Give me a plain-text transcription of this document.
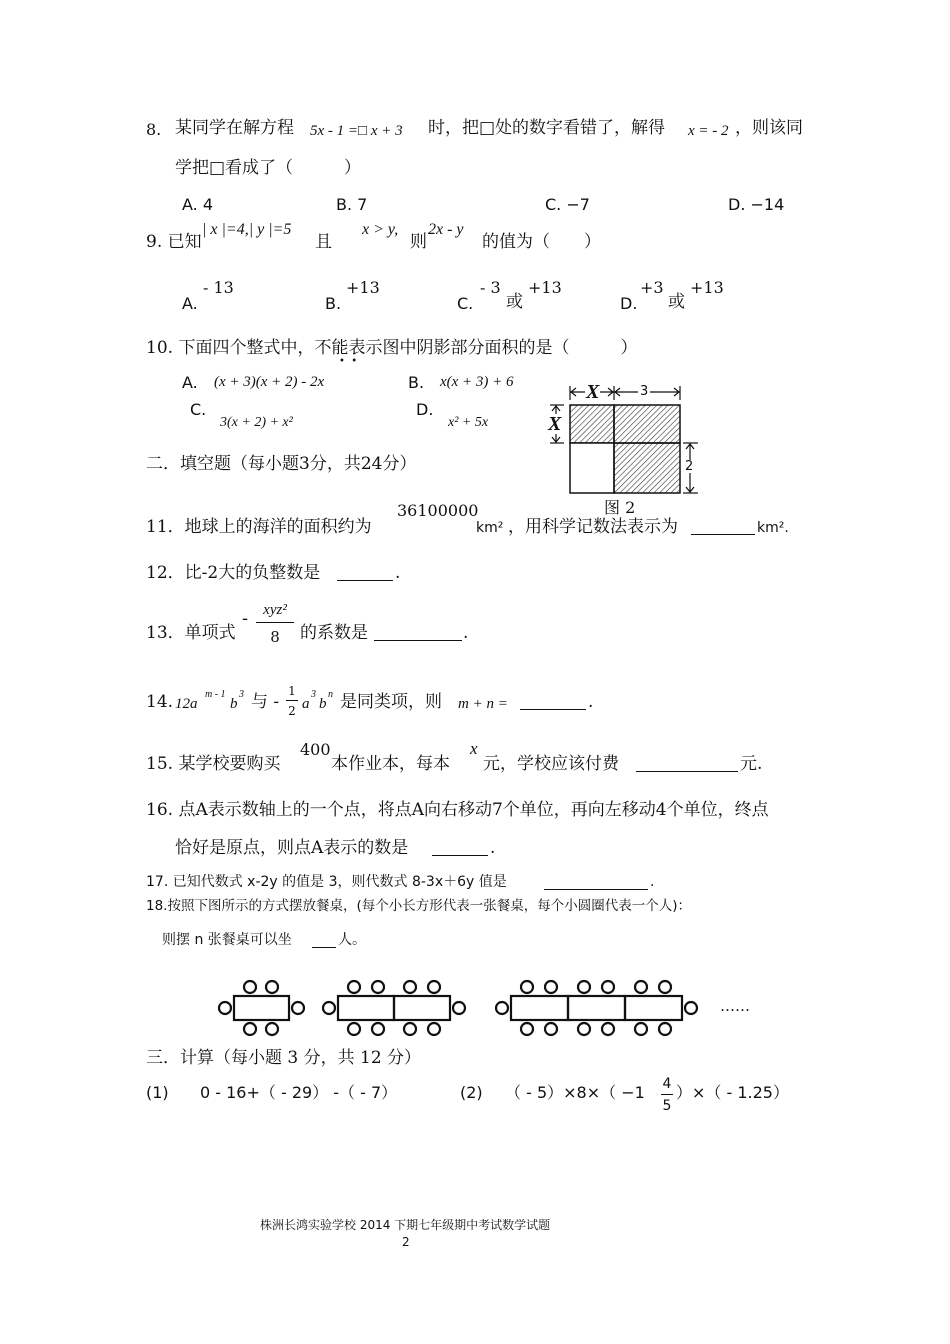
8. 某同学在解方程 5x - 1 =□ x + 3 时，把□处的数字看错了，解得 x = - 2 ，则该同
学把□看成了（　　　）
A. 4	B. 7	C. −7	D. −14
9. 已知
| x |=4,| y |=5
且
x > y,
则
2x - y
的值为（　　）
A.
- 13
B.
+13
C.
- 3
或
+13
D.
+3
或
+13
10. 下面四个整式中，不能表示图中阴影部分面积的是（　　　）
•  •
A. (x + 3)(x + 2) - 2x	B. x(x + 3) + 6
C.
3(x + 2) + x²
D.
x² + 5x
X	3
X
2
图 2
二．填空题（每小题3分，共24分）
11．地球上的海洋的面积约为
36100000
km² ，用科学记数法表示为	km².
12．比-2大的负整数是	.
13．单项式
-	xyz²
8	的系数是	.
14. 12a
m - 1
b
3 与 -
1
2 a
3
b
n 是同类项，则 m + n =	.
15. 某学校要购买
400
本作业本，每本
x
元，学校应该付费	元.
16. 点A表示数轴上的一个点，将点A向右移动7个单位，再向左移动4个单位，终点
恰好是原点，则点A表示的数是	.
17. 已知代数式 x-2y 的值是 3，则代数式 8-3x＋6y 值是	.
18.按照下图所示的方式摆放餐桌，(每个小长方形代表一张餐桌，每个小圆圈代表一个人)：
则摆 n 张餐桌可以坐	人。
……
三．计算（每小题 3 分，共 12 分）
(1) 0 - 16+（ - 29） -（ - 7）	(2) （ - 5）×8×（ −1 4
5
）×（ - 1.25）
株洲长鸿实验学校 2014 下期七年级期中考试数学试题
2
